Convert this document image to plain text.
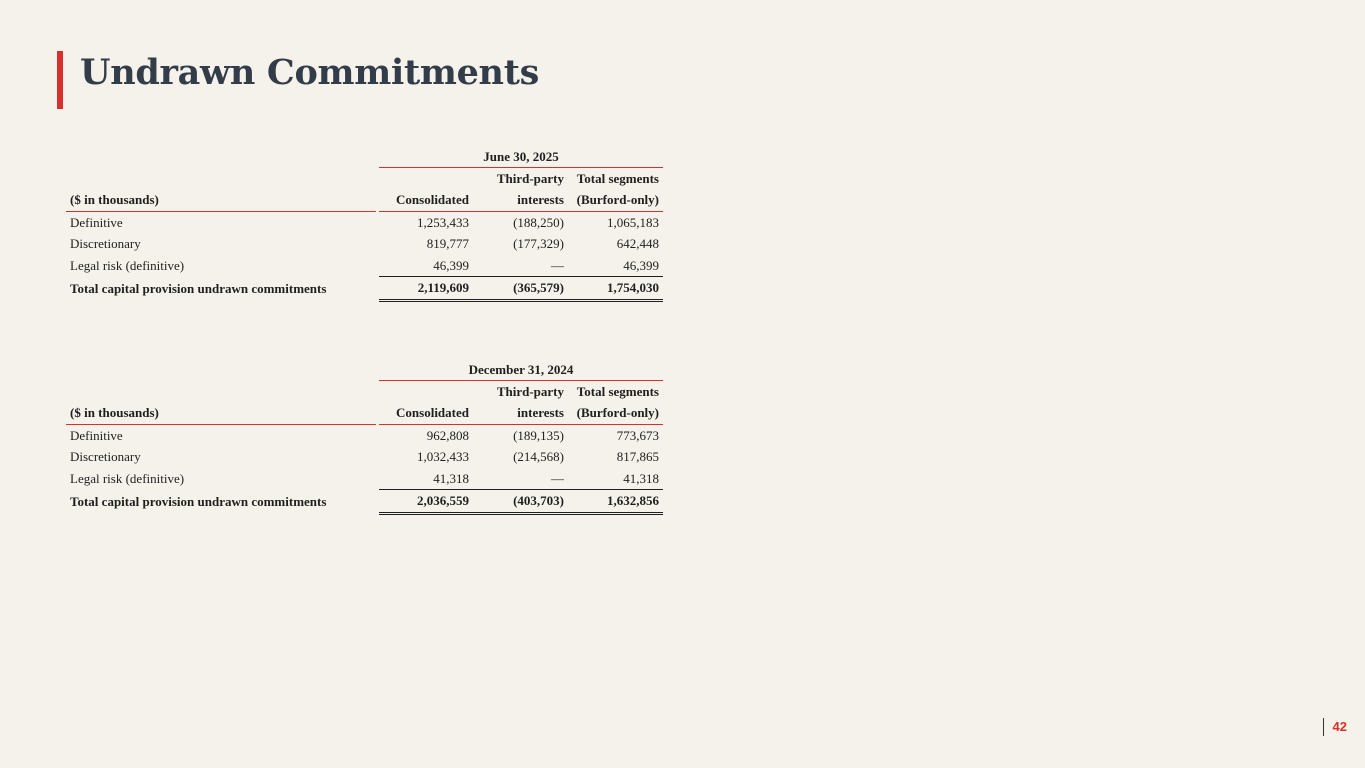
Undrawn Commitments
		June 30, 2025		
			Third-party	Total segments
($ in thousands)		Consolidated	interests	(Burford-only)
Definitive		1,253,433	(188,250)	1,065,183
Discretionary		819,777	(177,329)	642,448
Legal risk (definitive)		46,399	—	46,399
Total capital provision undrawn commitments		2,119,609	(365,579)	1,754,030
		December 31, 2024		
			Third-party	Total segments
($ in thousands)		Consolidated	interests	(Burford-only)
Definitive		962,808	(189,135)	773,673
Discretionary		1,032,433	(214,568)	817,865
Legal risk (definitive)		41,318	—	41,318
Total capital provision undrawn commitments		2,036,559	(403,703)	1,632,856
42
